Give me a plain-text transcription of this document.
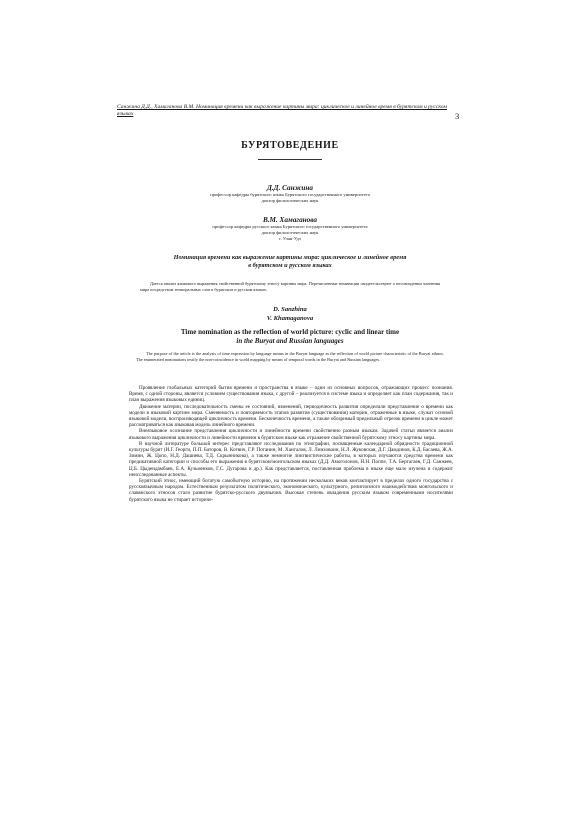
Санжина Д.Д., Хамаганова В.М. Номинация времени как выражение картины мира: циклическое и линейное время в бурятском и русском языках	3
БУРЯТОВЕДЕНИЕ
Д.Д. Санжина
профессор кафедры бурятского языка Бурятского государственного университета
доктор филологических наук
В.М. Хамаганова
профессор кафедры русского языка Бурятского государственного университета
доктор филологических наук
г. Улан-Удэ
Номинация времени как выражение картины мира: циклическое и линейное время
в бурятском и русском языках
Дается анализ языкового выражения свойственной бурятскому этносу картины мира. Перечисленные номинации свидетельствуют о несовпадении членения мира посредством темпоральных слов в бурятском и русском языках.
D. Sanzhina
V. Khamaganova
Time nomination as the reflection of world picture: cyclic and linear time
in the Buryat and Russian languages
The purpose of the article is the analysis of time expression by language means in the Buryat language as the reflection of world picture characteristic of the Buryat ethnos. The enumerated nominations testify the non-coincidence in world mapping by means of temporal words in the Buryat and Russian languages.

Проявление глобальных категорий бытия времени и пространства в языке – один из основных вопросов, отражающих процесс познания. Время, с одной стороны, является условием существования языка, с другой – реализуется в системе языка и определяет как план содержания, так и план выражения языковых единиц.

Движение материи, последовательность смены ее состояний, изменений, периодичность развития определили представление о времени как модели в языковой картине мира. Сменяемость и повторяемость этапов развития (существования) материи, отраженные в языке, служат основой языковой модели, воспроизводящей цикличность времени. Бесконечность времени, а также обозримый предельный отрезок времени в цикле может рассматриваться как языковая модель линейного времени.

Внеязыковое осознание представления цикличности и линейности времени свойственно разным языкам. Задачей статьи является анализ языкового выражения цикличности и линейности времени в бурятском языке как отражение свойственной бурятскому этносу картины мира.

В научной литературе большой интерес представляют исследования по этнографии, посвященные календарной обрядности традиционной культуры бурят (И.Г. Георги, П.П. Баторов, В. Котвич, Г.Р. Потанин, М. Хангалов, Л. Линховоин, Н.Л. Жуковская, Д.Г. Дамдинов, К.Д. Басаева, Ж.А. Зимин, Ж. Цопо, Н.Д. Дашиева, Т.Д. Скрынникова), а также немногие лингвистические работы, в которых изучаются средства времени как предикативной категории и способы его выражения в бурятском/монгольском языках (Д.Д. Амоголонов, Н.Н. Поппе, Т.А. Бертагаев, Г.Д. Санжеев, Ц.Б. Цыдендамбаев, Е.А. Кузьменков, Г.С. Дугарова и др.). Как представляется, поставленная проблема в языке еще мало изучена и содержит неисследованные аспекты.

Бурятский этнос, имеющий богатую самобытную историю, на протяжении нескольких веков контактирует в пределах одного государства с русскоязычным народом. Естественным результатом политического, экономического, культурного, религиозного взаимодействия монгольского и славянского этносов стало развитие бурятско-русского двуязычия. Высокая степень овладения русским языком современными носителями бурятского языка не стирает историче-
